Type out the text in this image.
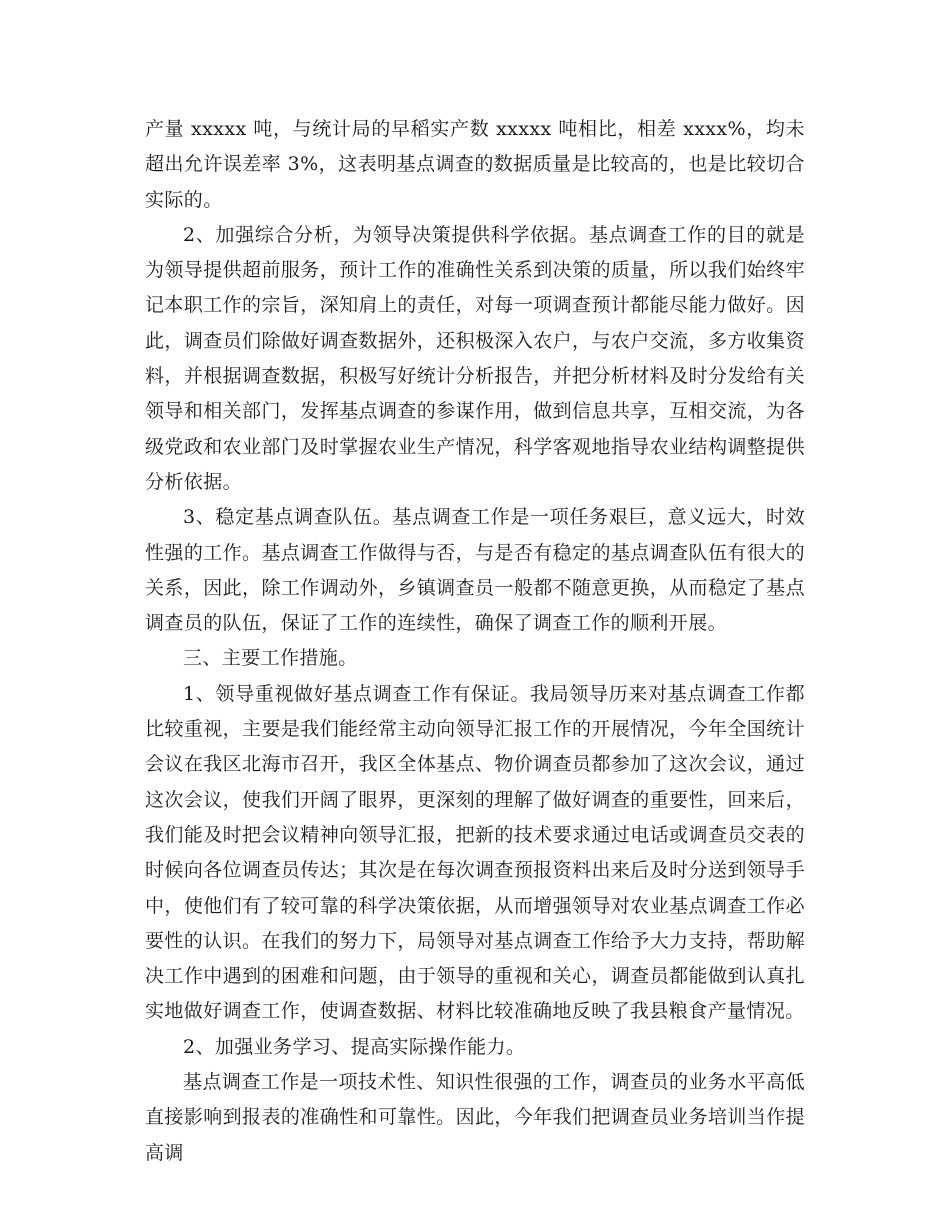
产量 xxxxx 吨，与统计局的早稻实产数 xxxxx 吨相比，相差 xxxx%，均未超出允许误差率 3%，这表明基点调查的数据质量是比较高的，也是比较切合实际的。

2、加强综合分析，为领导决策提供科学依据。基点调查工作的目的就是为领导提供超前服务，预计工作的准确性关系到决策的质量，所以我们始终牢记本职工作的宗旨，深知肩上的责任，对每一项调查预计都能尽能力做好。因此，调查员们除做好调查数据外，还积极深入农户，与农户交流，多方收集资料，并根据调查数据，积极写好统计分析报告，并把分析材料及时分发给有关领导和相关部门，发挥基点调查的参谋作用，做到信息共享，互相交流，为各级党政和农业部门及时掌握农业生产情况，科学客观地指导农业结构调整提供分析依据。

3、稳定基点调查队伍。基点调查工作是一项任务艰巨，意义远大，时效性强的工作。基点调查工作做得与否，与是否有稳定的基点调查队伍有很大的关系，因此，除工作调动外，乡镇调查员一般都不随意更换，从而稳定了基点调查员的队伍，保证了工作的连续性，确保了调查工作的顺利开展。

三、主要工作措施。

1、领导重视做好基点调查工作有保证。我局领导历来对基点调查工作都比较重视，主要是我们能经常主动向领导汇报工作的开展情况，今年全国统计会议在我区北海市召开，我区全体基点、物价调查员都参加了这次会议，通过这次会议，使我们开阔了眼界，更深刻的理解了做好调查的重要性，回来后，我们能及时把会议精神向领导汇报，把新的技术要求通过电话或调查员交表的时候向各位调查员传达；其次是在每次调查预报资料出来后及时分送到领导手中，使他们有了较可靠的科学决策依据，从而增强领导对农业基点调查工作必要性的认识。在我们的努力下，局领导对基点调查工作给予大力支持，帮助解决工作中遇到的困难和问题，由于领导的重视和关心，调查员都能做到认真扎实地做好调查工作，使调查数据、材料比较准确地反映了我县粮食产量情况。

2、加强业务学习、提高实际操作能力。

基点调查工作是一项技术性、知识性很强的工作，调查员的业务水平高低直接影响到报表的准确性和可靠性。因此，今年我们把调查员业务培训当作提高调
